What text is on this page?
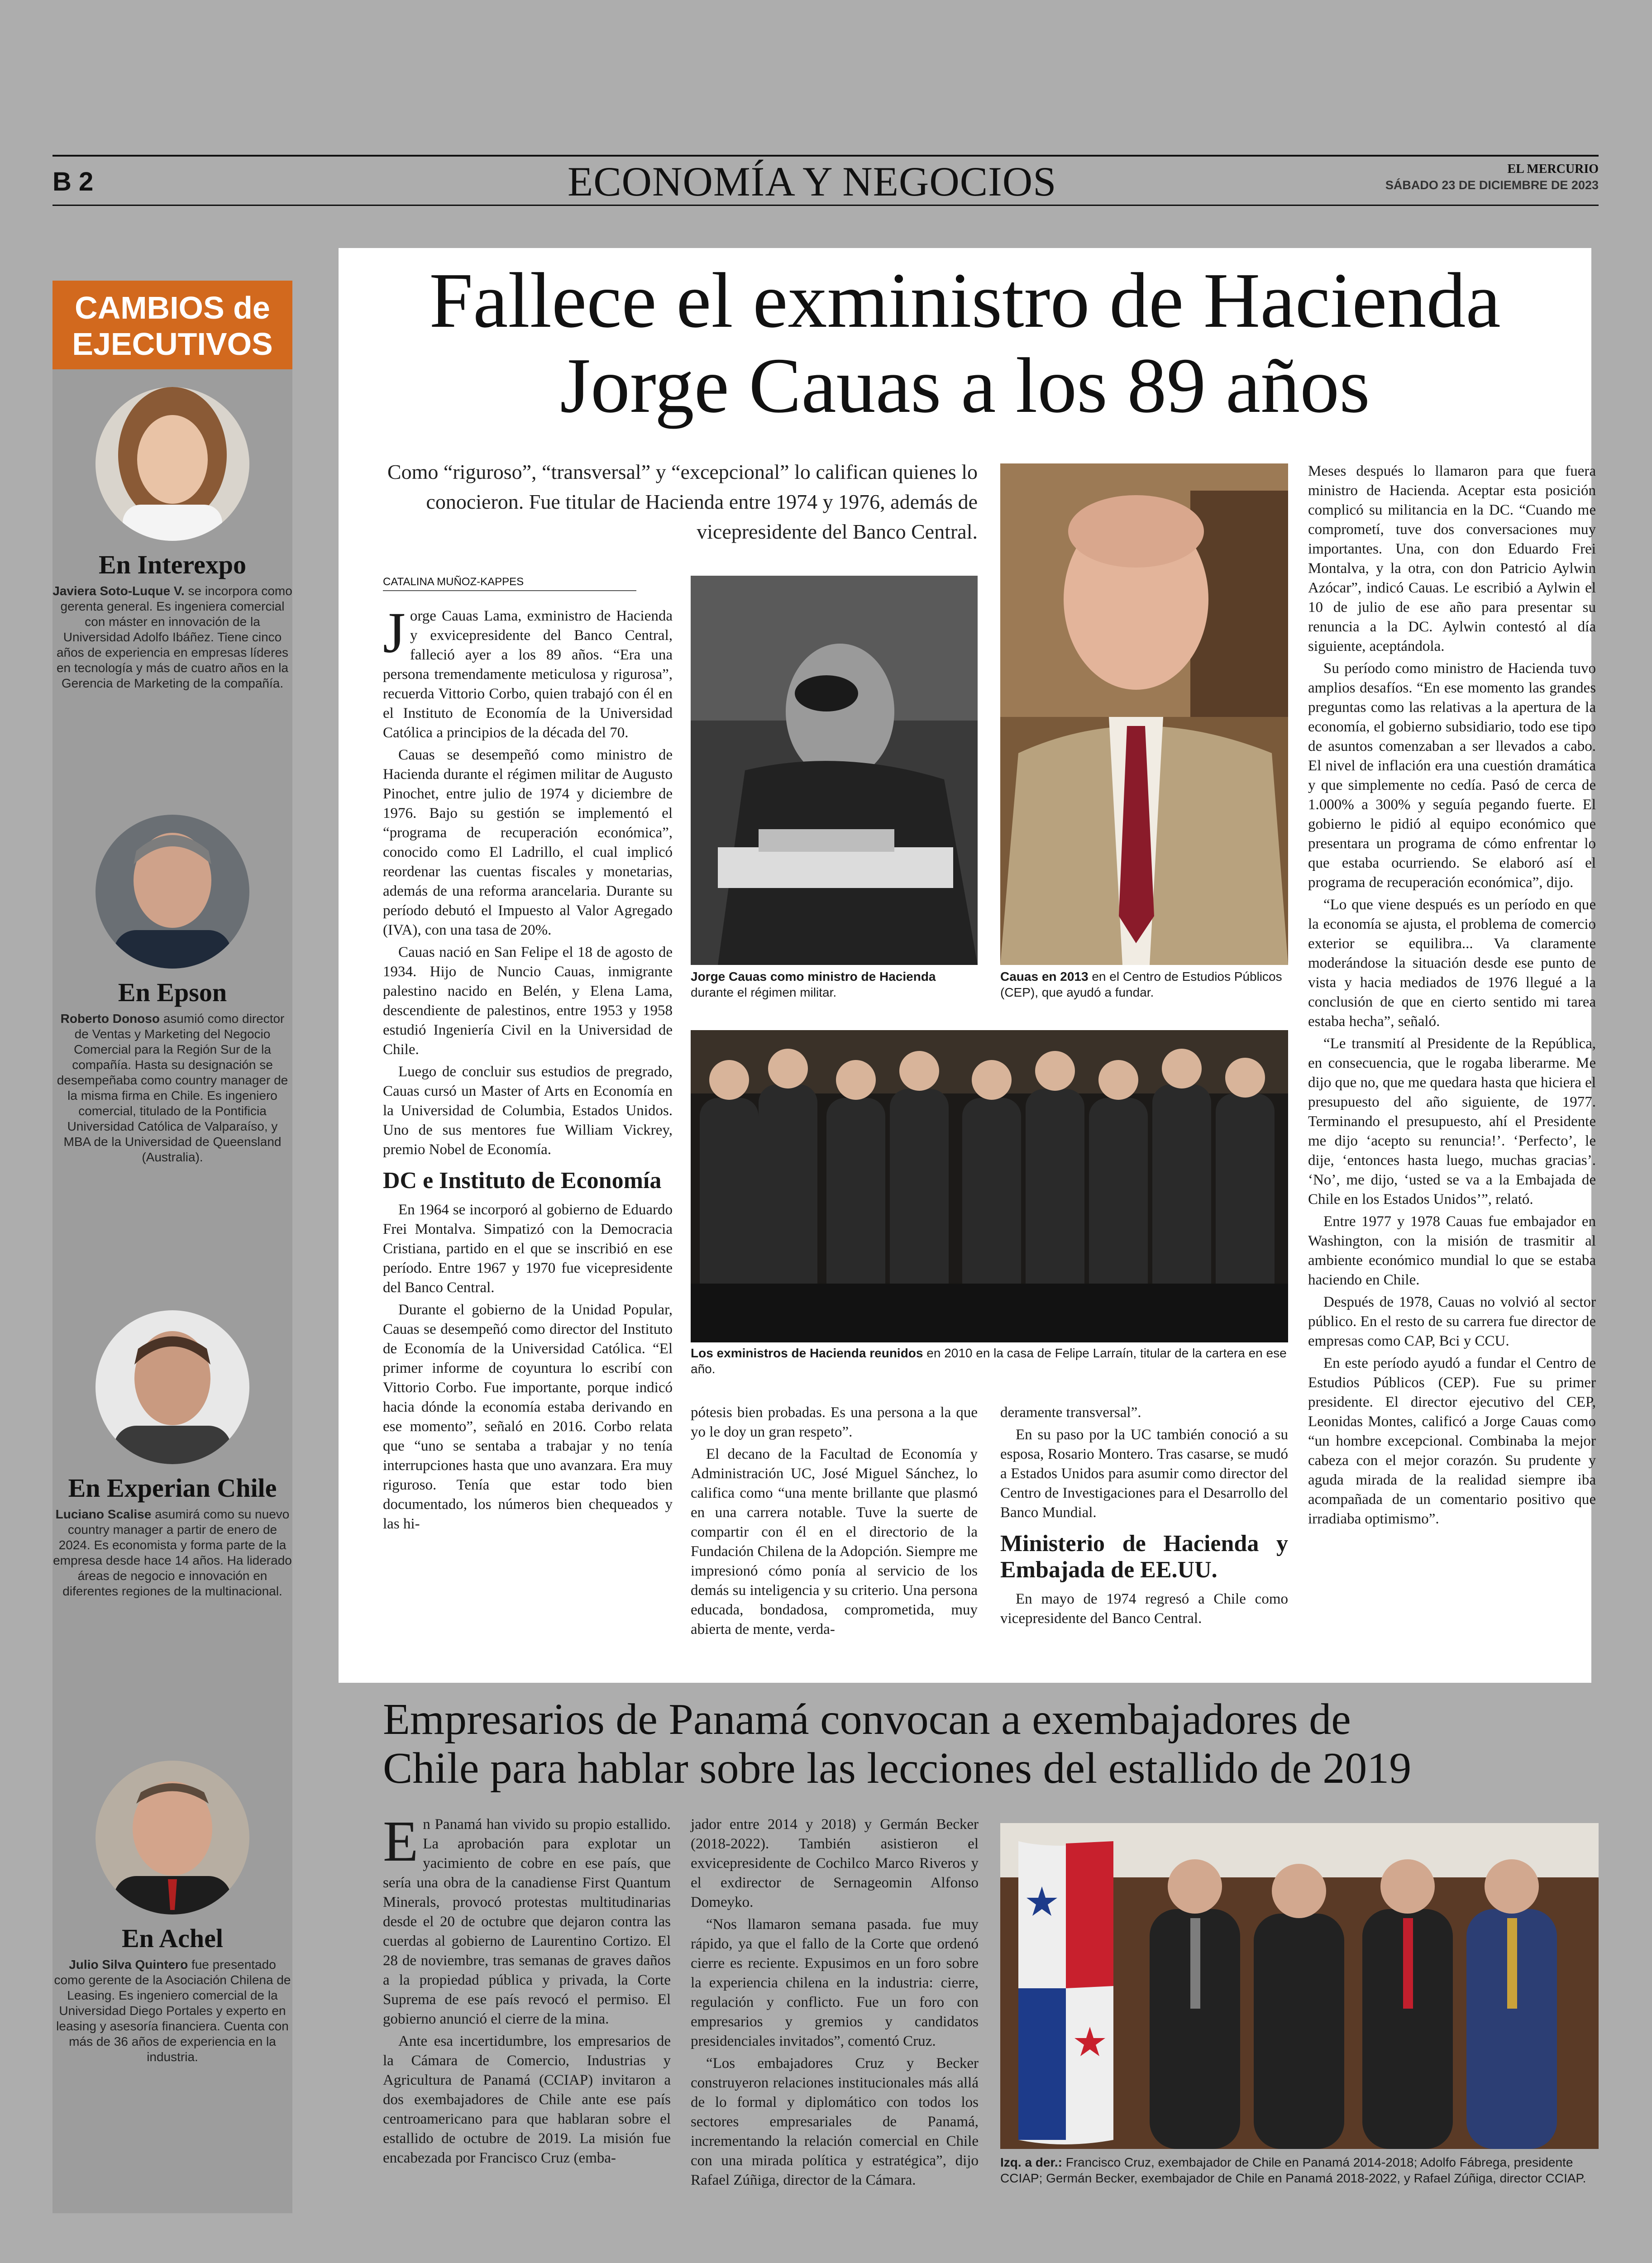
B 2	ECONOMÍA Y NEGOCIOS	EL MERCURIO
SÁBADO 23 DE DICIEMBRE DE 2023
CAMBIOS de EJECUTIVOS
En Interexpo
Javiera Soto-Luque V. se incorpora como gerenta general. Es ingeniera comercial con máster en innovación de la Universidad Adolfo Ibáñez. Tiene cinco años de experiencia en empresas líderes en tecnología y más de cuatro años en la Gerencia de Marketing de la compañía.
En Epson
Roberto Donoso asumió como director de Ventas y Marketing del Negocio Comercial para la Región Sur de la compañía. Hasta su designación se desempeñaba como country manager de la misma firma en Chile. Es ingeniero comercial, titulado de la Pontificia Universidad Católica de Valparaíso, y MBA de la Universidad de Queensland (Australia).
En Experian Chile
Luciano Scalise asumirá como su nuevo country manager a partir de enero de 2024. Es economista y forma parte de la empresa desde hace 14 años. Ha liderado áreas de negocio e innovación en diferentes regiones de la multinacional.
En Achel
Julio Silva Quintero fue presentado como gerente de la Asociación Chilena de Leasing. Es ingeniero comercial de la Universidad Diego Portales y experto en leasing y asesoría financiera. Cuenta con más de 36 años de experiencia en la industria.
Fallece el exministro de Hacienda
Jorge Cauas a los 89 años
Como “riguroso”, “transversal” y “excepcional” lo califican quienes lo conocieron. Fue titular de Hacienda entre 1974 y 1976, además de vicepresidente del Banco Central.
CATALINA MUÑOZ-KAPPES

Jorge Cauas Lama, exministro de Hacienda y exvicepresidente del Banco Central, falleció ayer a los 89 años. “Era una persona tremendamente meticulosa y rigurosa”, recuerda Vittorio Corbo, quien trabajó con él en el Instituto de Economía de la Universidad Católica a principios de la década del 70.

Cauas se desempeñó como ministro de Hacienda durante el régimen militar de Augusto Pinochet, entre julio de 1974 y diciembre de 1976. Bajo su gestión se implementó el “programa de recuperación económica”, conocido como El Ladrillo, el cual implicó reordenar las cuentas fiscales y monetarias, además de una reforma arancelaria. Durante su período debutó el Impuesto al Valor Agregado (IVA), con una tasa de 20%.

Cauas nació en San Felipe el 18 de agosto de 1934. Hijo de Nuncio Cauas, inmigrante palestino nacido en Belén, y Elena Lama, descendiente de palestinos, entre 1953 y 1958 estudió Ingeniería Civil en la Universidad de Chile.

Luego de concluir sus estudios de pregrado, Cauas cursó un Master of Arts en Economía en la Universidad de Columbia, Estados Unidos. Uno de sus mentores fue William Vickrey, premio Nobel de Economía.

DC e Instituto de Economía

En 1964 se incorporó al gobierno de Eduardo Frei Montalva. Simpatizó con la Democracia Cristiana, partido en el que se inscribió en ese período. Entre 1967 y 1970 fue vicepresidente del Banco Central.

Durante el gobierno de la Unidad Popular, Cauas se desempeñó como director del Instituto de Economía de la Universidad Católica. “El primer informe de coyuntura lo escribí con Vittorio Corbo. Fue importante, porque indicó hacia dónde la economía estaba derivando en ese momento”, señaló en 2016. Corbo relata que “uno se sentaba a trabajar y no tenía interrupciones hasta que uno avanzara. Era muy riguroso. Tenía que estar todo bien documentado, los números bien chequeados y las hi-

Jorge Cauas como ministro de Hacienda durante el régimen militar.
Cauas en 2013 en el Centro de Estudios Públicos (CEP), que ayudó a fundar.
Los exministros de Hacienda reunidos en 2010 en la casa de Felipe Larraín, titular de la cartera en ese año.

pótesis bien probadas. Es una persona a la que yo le doy un gran respeto”.

El decano de la Facultad de Economía y Administración UC, José Miguel Sánchez, lo califica como “una mente brillante que plasmó en una carrera notable. Tuve la suerte de compartir con él en el directorio de la Fundación Chilena de la Adopción. Siempre me impresionó cómo ponía al servicio de los demás su inteligencia y su criterio. Una persona educada, bondadosa, comprometida, muy abierta de mente, verda-

deramente transversal”.

En su paso por la UC también conoció a su esposa, Rosario Montero. Tras casarse, se mudó a Estados Unidos para asumir como director del Centro de Investigaciones para el Desarrollo del Banco Mundial.

Ministerio de Hacienda y Embajada de EE.UU.

En mayo de 1974 regresó a Chile como vicepresidente del Banco Central.

Meses después lo llamaron para que fuera ministro de Hacienda. Aceptar esta posición complicó su militancia en la DC. “Cuando me comprometí, tuve dos conversaciones muy importantes. Una, con don Eduardo Frei Montalva, y la otra, con don Patricio Aylwin Azócar”, indicó Cauas. Le escribió a Aylwin el 10 de julio de ese año para presentar su renuncia a la DC. Aylwin contestó al día siguiente, aceptándola.

Su período como ministro de Hacienda tuvo amplios desafíos. “En ese momento las grandes preguntas como las relativas a la apertura de la economía, el gobierno subsidiario, todo ese tipo de asuntos comenzaban a ser llevados a cabo. El nivel de inflación era una cuestión dramática y que simplemente no cedía. Pasó de cerca de 1.000% a 300% y seguía pegando fuerte. El gobierno le pidió al equipo económico que presentara un programa de cómo enfrentar lo que estaba ocurriendo. Se elaboró así el programa de recuperación económica”, dijo.

“Lo que viene después es un período en que la economía se ajusta, el problema de comercio exterior se equilibra... Va claramente moderándose la situación desde ese punto de vista y hacia mediados de 1976 llegué a la conclusión de que en cierto sentido mi tarea estaba hecha”, señaló.

“Le transmití al Presidente de la República, en consecuencia, que le rogaba liberarme. Me dijo que no, que me quedara hasta que hiciera el presupuesto del año siguiente, de 1977. Terminando el presupuesto, ahí el Presidente me dijo ‘acepto su renuncia!’. ‘Perfecto’, le dije, ‘entonces hasta luego, muchas gracias’. ‘No’, me dijo, ‘usted se va a la Embajada de Chile en los Estados Unidos’”, relató.

Entre 1977 y 1978 Cauas fue embajador en Washington, con la misión de trasmitir al ambiente económico mundial lo que se estaba haciendo en Chile.

Después de 1978, Cauas no volvió al sector público. En el resto de su carrera fue director de empresas como CAP, Bci y CCU.

En este período ayudó a fundar el Centro de Estudios Públicos (CEP). Fue su primer presidente. El director ejecutivo del CEP, Leonidas Montes, calificó a Jorge Cauas como “un hombre excepcional. Combinaba la mejor cabeza con el mejor corazón. Su prudente y aguda mirada de la realidad siempre iba acompañada de un comentario positivo que irradiaba optimismo”.

Empresarios de Panamá convocan a exembajadores de
Chile para hablar sobre las lecciones del estallido de 2019

En Panamá han vivido su propio estallido. La aprobación para explotar un yacimiento de cobre en ese país, que sería una obra de la canadiense First Quantum Minerals, provocó protestas multitudinarias desde el 20 de octubre que dejaron contra las cuerdas al gobierno de Laurentino Cortizo. El 28 de noviembre, tras semanas de graves daños a la propiedad pública y privada, la Corte Suprema de ese país revocó el permiso. El gobierno anunció el cierre de la mina.

Ante esa incertidumbre, los empresarios de la Cámara de Comercio, Industrias y Agricultura de Panamá (CCIAP) invitaron a dos exembajadores de Chile ante ese país centroamericano para que hablaran sobre el estallido de octubre de 2019. La misión fue encabezada por Francisco Cruz (emba-

jador entre 2014 y 2018) y Germán Becker (2018-2022). También asistieron el exvicepresidente de Cochilco Marco Riveros y el exdirector de Sernageomin Alfonso Domeyko.

“Nos llamaron semana pasada. fue muy rápido, ya que el fallo de la Corte que ordenó cierre es reciente. Expusimos en un foro sobre la experiencia chilena en la industria: cierre, regulación y conflicto. Fue un foro con empresarios y gremios y candidatos presidenciales invitados”, comentó Cruz.

“Los embajadores Cruz y Becker construyeron relaciones institucionales más allá de lo formal y diplomático con todos los sectores empresariales de Panamá, incrementando la relación comercial en Chile con una mirada política y estratégica”, dijo Rafael Zúñiga, director de la Cámara.

Izq. a der.: Francisco Cruz, exembajador de Chile en Panamá 2014-2018; Adolfo Fábrega, presidente CCIAP; Germán Becker, exembajador de Chile en Panamá 2018-2022, y Rafael Zúñiga, director CCIAP.
